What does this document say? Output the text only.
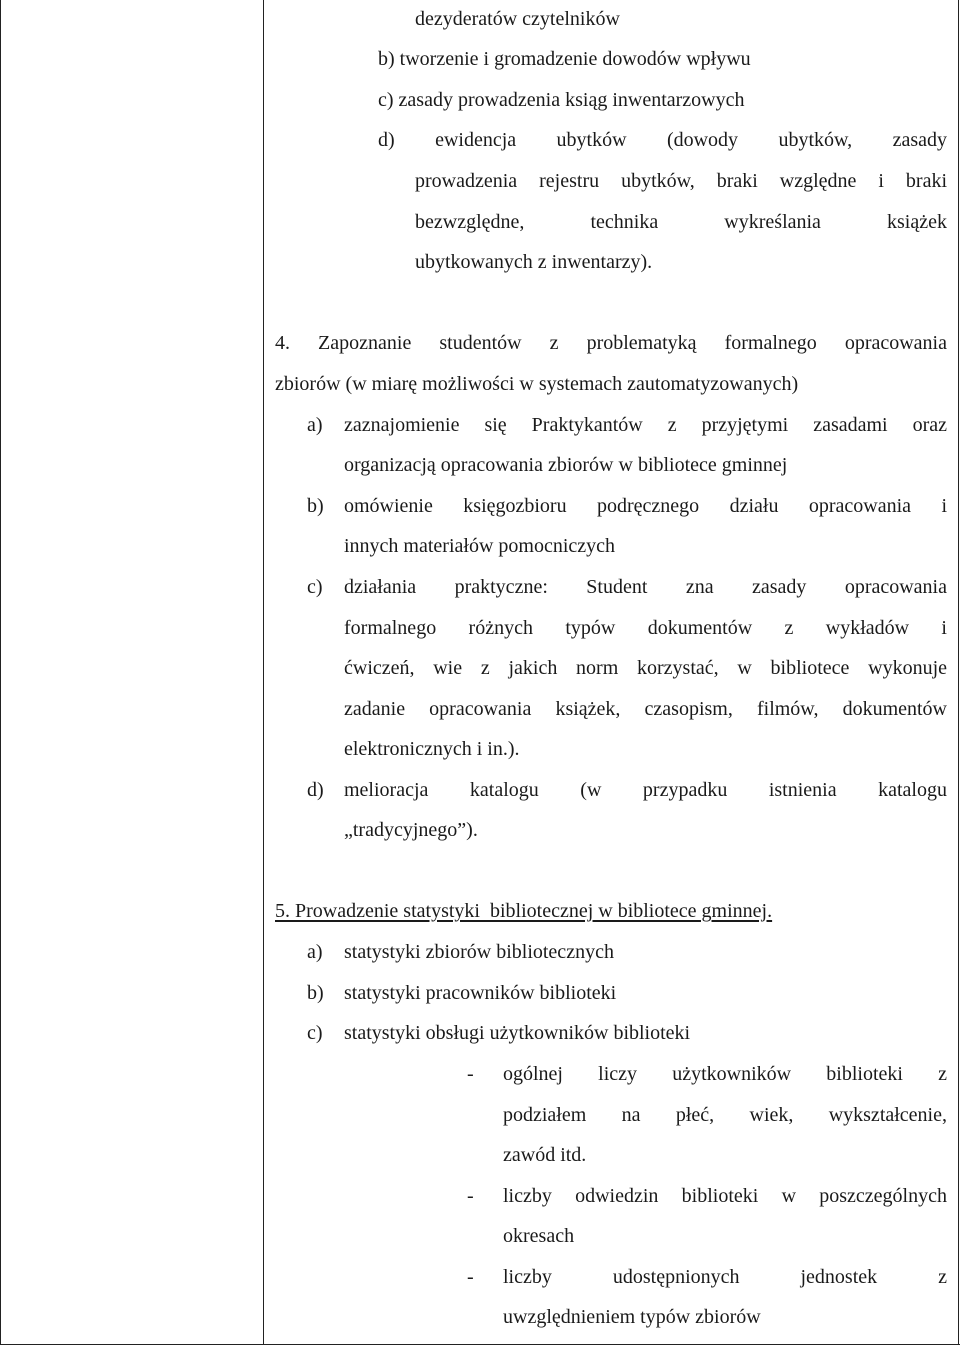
dezyderatów czytelników
b) tworzenie i gromadzenie dowodów wpływu
c) zasady prowadzenia ksiąg inwentarzowych
d) ewidencja ubytków (dowody ubytków, zasady
prowadzenia rejestru ubytków, braki względne i braki
bezwzględne, technika wykreślania książek
ubytkowanych z inwentarzy).
4. Zapoznanie studentów z problematyką formalnego opracowania
zbiorów (w miarę możliwości w systemach zautomatyzowanych)
a) zaznajomienie się Praktykantów z przyjętymi zasadami oraz
organizacją opracowania zbiorów w bibliotece gminnej
b) omówienie księgozbioru podręcznego działu opracowania i
innych materiałów pomocniczych
c) działania praktyczne: Student zna zasady opracowania
formalnego różnych typów dokumentów z wykładów i
ćwiczeń, wie z jakich norm korzystać, w bibliotece wykonuje
zadanie opracowania książek, czasopism, filmów, dokumentów
elektronicznych i in.).
d) melioracja katalogu (w przypadku istnienia katalogu
„tradycyjnego”).
5. Prowadzenie statystyki  bibliotecznej w bibliotece gminnej.
a) statystyki zbiorów bibliotecznych
b) statystyki pracowników biblioteki
c) statystyki obsługi użytkowników biblioteki
- ogólnej liczy użytkowników biblioteki z
podziałem na płeć, wiek, wykształcenie,
zawód itd.
- liczby odwiedzin biblioteki w poszczególnych
okresach
- liczby udostępnionych jednostek z
uwzględnieniem typów zbiorów
